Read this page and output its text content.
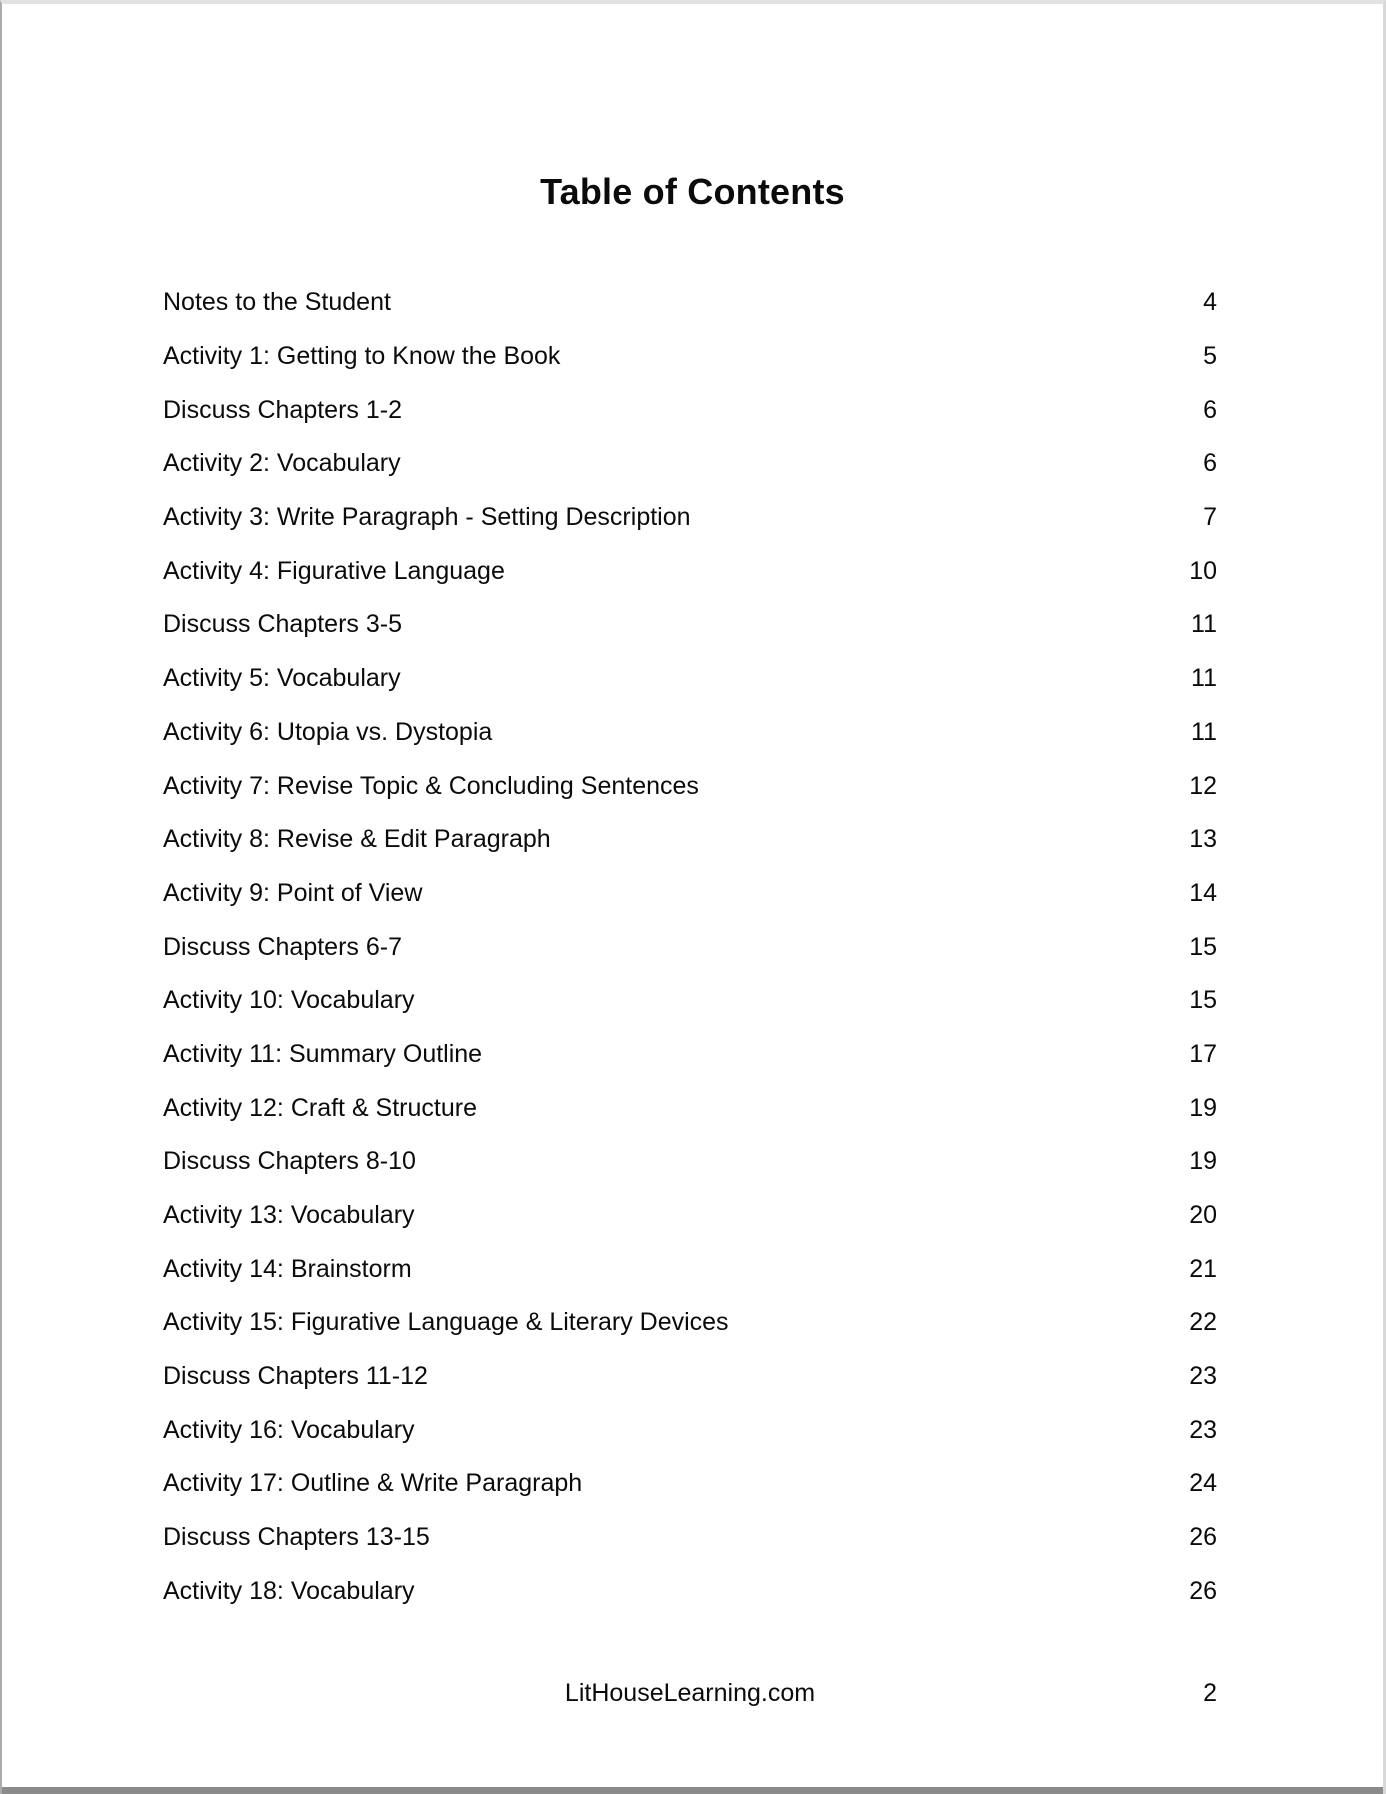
Table of Contents
Notes to the Student	4
Activity 1: Getting to Know the Book	5
Discuss Chapters 1-2	6
Activity 2: Vocabulary	6
Activity 3: Write Paragraph - Setting Description	7
Activity 4: Figurative Language	10
Discuss Chapters 3-5	11
Activity 5: Vocabulary	11
Activity 6: Utopia vs. Dystopia	11
Activity 7: Revise Topic & Concluding Sentences	12
Activity 8: Revise & Edit Paragraph	13
Activity 9: Point of View	14
Discuss Chapters 6-7	15
Activity 10: Vocabulary	15
Activity 11: Summary Outline	17
Activity 12: Craft & Structure	19
Discuss Chapters 8-10	19
Activity 13: Vocabulary	20
Activity 14: Brainstorm	21
Activity 15: Figurative Language & Literary Devices	22
Discuss Chapters 11-12	23
Activity 16: Vocabulary	23
Activity 17: Outline & Write Paragraph	24
Discuss Chapters 13-15	26
Activity 18: Vocabulary	26
LitHouseLearning.com	2
